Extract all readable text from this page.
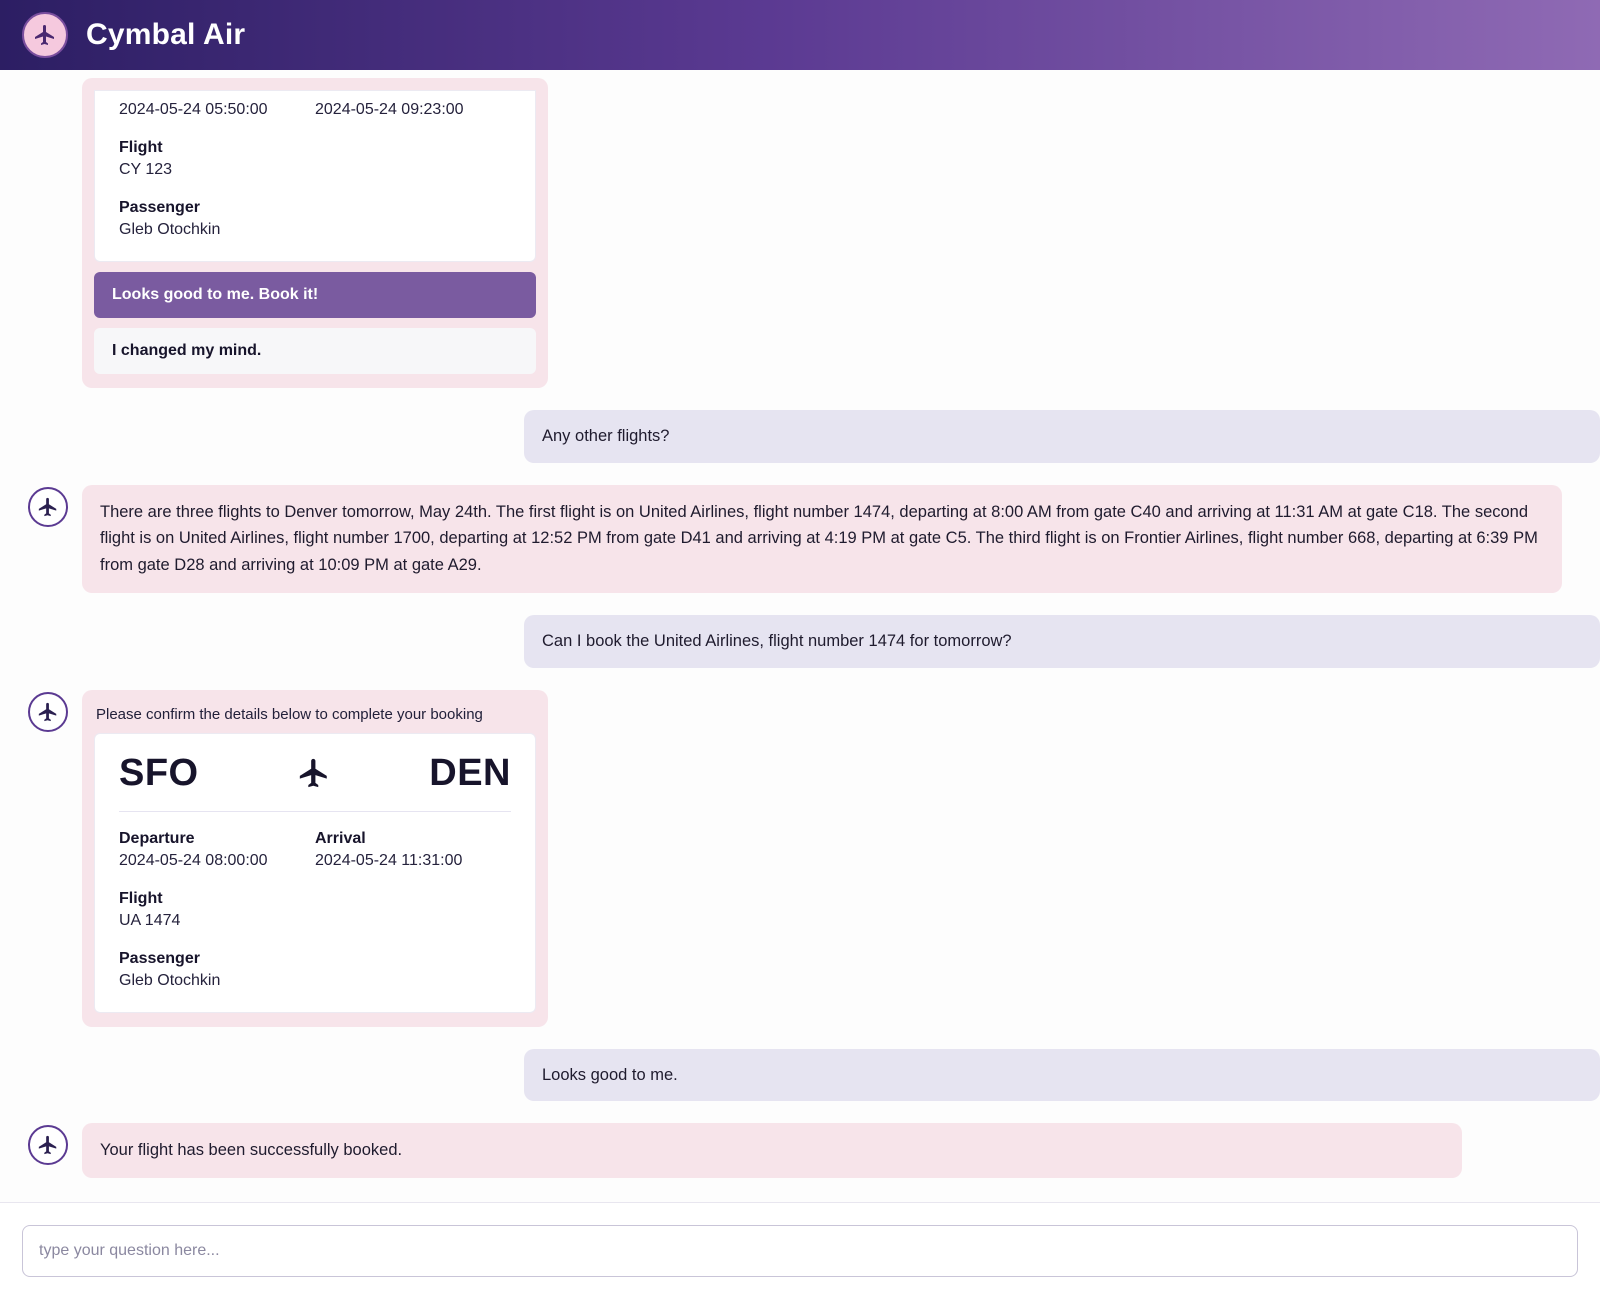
Cymbal Air
2024-05-24 05:50:00	2024-05-24 09:23:00
Flight
CY 123
Passenger
Gleb Otochkin
Looks good to me. Book it!
I changed my mind.
Any other flights?
There are three flights to Denver tomorrow, May 24th. The first flight is on United Airlines, flight number 1474, departing at 8:00 AM from gate C40 and arriving at 11:31 AM at gate C18. The second flight is on United Airlines, flight number 1700, departing at 12:52 PM from gate D41 and arriving at 4:19 PM at gate C5. The third flight is on Frontier Airlines, flight number 668, departing at 6:39 PM from gate D28 and arriving at 10:09 PM at gate A29.
Can I book the United Airlines, flight number 1474 for tomorrow?
Please confirm the details below to complete your booking
SFO	DEN
Departure
2024-05-24 08:00:00
Arrival
2024-05-24 11:31:00
Flight
UA 1474
Passenger
Gleb Otochkin
Looks good to me.
Your flight has been successfully booked.
type your question here...
